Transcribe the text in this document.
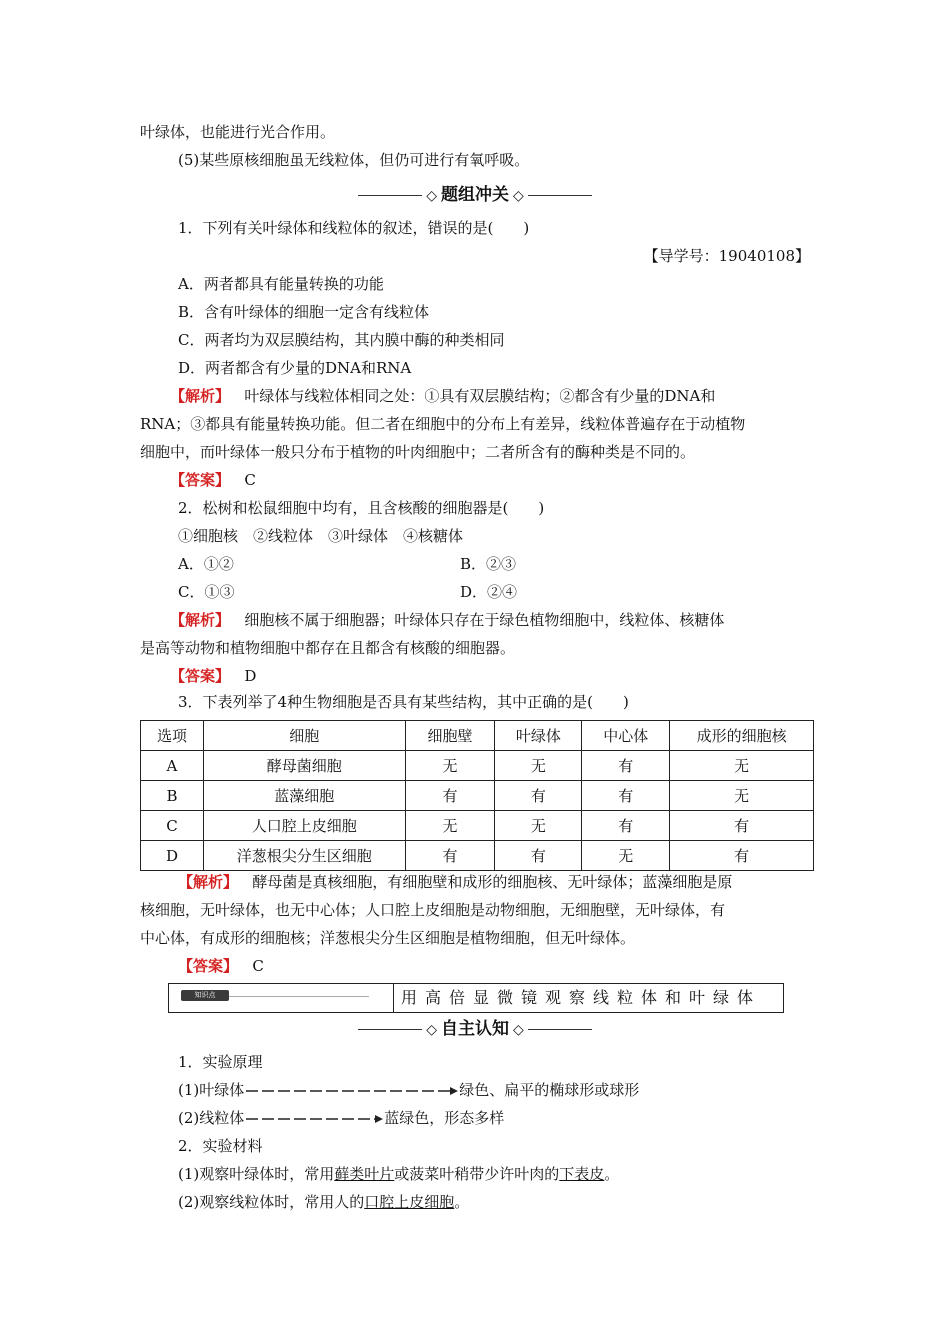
叶绿体，也能进行光合作用。
(5)某些原核细胞虽无线粒体，但仍可进行有氧呼吸。
◇ 题组冲关 ◇
1．下列有关叶绿体和线粒体的叙述，错误的是(　　)
【导学号：19040108】
A．两者都具有能量转换的功能
B．含有叶绿体的细胞一定含有线粒体
C．两者均为双层膜结构，其内膜中酶的种类相同
D．两者都含有少量的DNA和RNA
【解析】 叶绿体与线粒体相同之处：①具有双层膜结构；②都含有少量的DNA和
RNA；③都具有能量转换功能。但二者在细胞中的分布上有差异，线粒体普遍存在于动植物
细胞中，而叶绿体一般只分布于植物的叶肉细胞中；二者所含有的酶种类是不同的。
【答案】 C
2．松树和松鼠细胞中均有，且含核酸的细胞器是(　　)
①细胞核　②线粒体　③叶绿体　④核糖体
A．①②	B．②③
C．①③	D．②④
【解析】 细胞核不属于细胞器；叶绿体只存在于绿色植物细胞中，线粒体、核糖体
是高等动物和植物细胞中都存在且都含有核酸的细胞器。
【答案】 D
3．下表列举了4种生物细胞是否具有某些结构，其中正确的是(　　)
选项	细胞	细胞壁	叶绿体	中心体	成形的细胞核
A	酵母菌细胞	无	无	有	无
B	蓝藻细胞	有	有	有	无
C	人口腔上皮细胞	无	无	有	有
D	洋葱根尖分生区细胞	有	有	无	有
【解析】 酵母菌是真核细胞，有细胞壁和成形的细胞核、无叶绿体；蓝藻细胞是原
核细胞，无叶绿体，也无中心体；人口腔上皮细胞是动物细胞，无细胞壁，无叶绿体，有
中心体，有成形的细胞核；洋葱根尖分生区细胞是植物细胞，但无叶绿体。
【答案】 C
知识点	用高倍显微镜观察线粒体和叶绿体
◇ 自主认知 ◇
1．实验原理
(1)叶绿体	绿色、扁平的椭球形或球形
(2)线粒体	蓝绿色，形态多样
2．实验材料
(1)观察叶绿体时，常用藓类叶片或菠菜叶稍带少许叶肉的下表皮。
(2)观察线粒体时，常用人的口腔上皮细胞。
